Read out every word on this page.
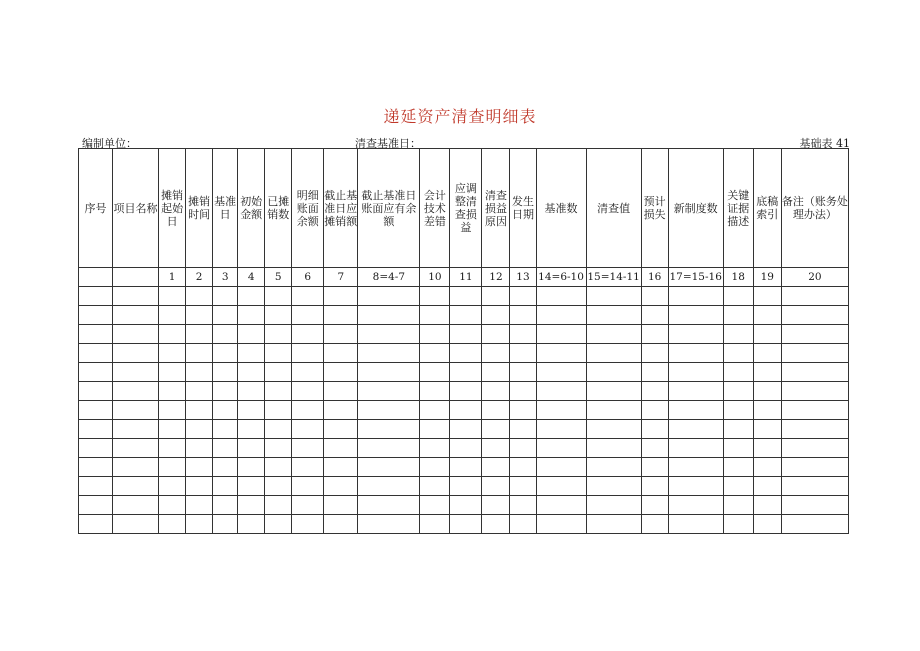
递延资产清查明细表
编制单位：	清查基准日：	基础表 41
序号	项目名称	摊销起始日	摊销时间	基准日	初始金额	已摊销数	明细账面余额	截止基准日应摊销额	截止基准日账面应有余额	会计技术差错	应调整清查损益	清查损益原因	发生日期	基准数	清查值	预计损失	新制度数	关键证据描述	底稿索引	备注（账务处理办法）
		1	2	3	4	5	6	7	8=4-7	10	11	12	13	14=6-10	15=14-11	16	17=15-16	18	19	20
